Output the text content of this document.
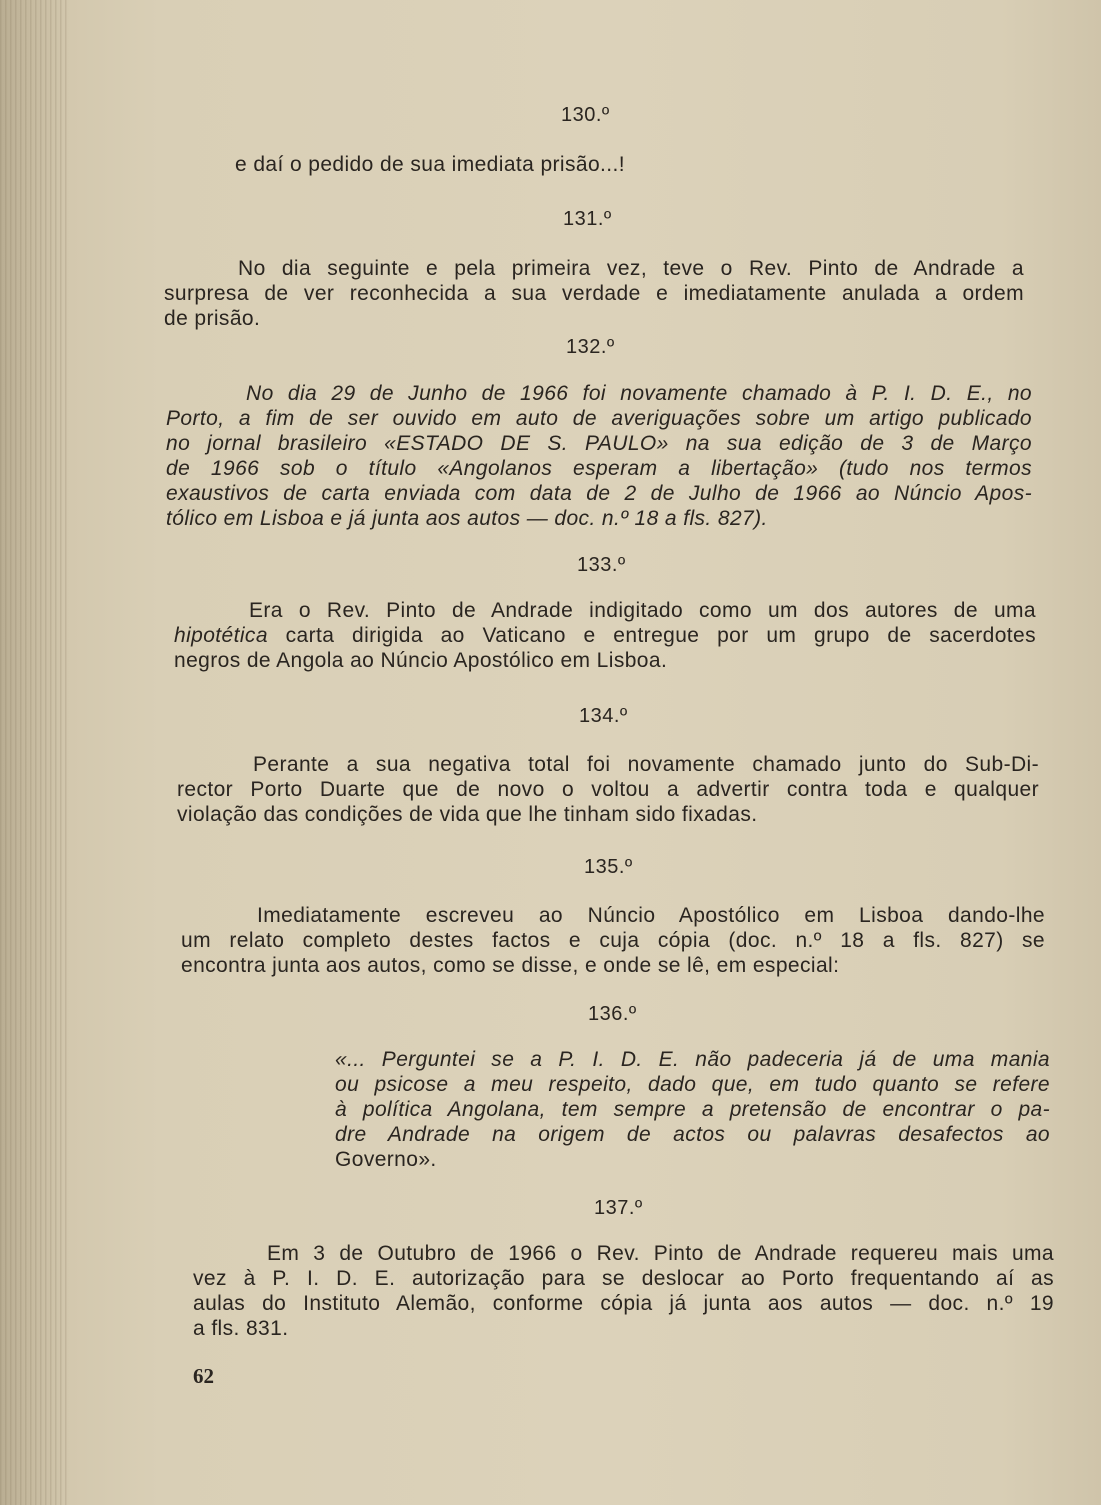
130.º
e daí o pedido de sua imediata prisão...!
131.º
No dia seguinte e pela primeira vez, teve o Rev. Pinto de Andrade a
surpresa de ver reconhecida a sua verdade e imediatamente anulada a ordem
de prisão.
132.º
No dia 29 de Junho de 1966 foi novamente chamado à P. I. D. E., no
Porto, a fim de ser ouvido em auto de averiguações sobre um artigo publicado
no jornal brasileiro «ESTADO DE S. PAULO» na sua edição de 3 de Março
de 1966 sob o título «Angolanos esperam a libertação» (tudo nos termos
exaustivos de carta enviada com data de 2 de Julho de 1966 ao Núncio Apos-
tólico em Lisboa e já junta aos autos — doc. n.º 18 a fls. 827).
133.º
Era o Rev. Pinto de Andrade indigitado como um dos autores de uma
hipotética carta dirigida ao Vaticano e entregue por um grupo de sacerdotes
negros de Angola ao Núncio Apostólico em Lisboa.
134.º
Perante a sua negativa total foi novamente chamado junto do Sub-Di-
rector Porto Duarte que de novo o voltou a advertir contra toda e qualquer
violação das condições de vida que lhe tinham sido fixadas.
135.º
Imediatamente escreveu ao Núncio Apostólico em Lisboa dando-lhe
um relato completo destes factos e cuja cópia (doc. n.º 18 a fls. 827) se
encontra junta aos autos, como se disse, e onde se lê, em especial:
136.º
«... Perguntei se a P. I. D. E. não padeceria já de uma mania
ou psicose a meu respeito, dado que, em tudo quanto se refere
à política Angolana, tem sempre a pretensão de encontrar o pa-
dre Andrade na origem de actos ou palavras desafectos ao
Governo».
137.º
Em 3 de Outubro de 1966 o Rev. Pinto de Andrade requereu mais uma
vez à P. I. D. E. autorização para se deslocar ao Porto frequentando aí as
aulas do Instituto Alemão, conforme cópia já junta aos autos — doc. n.º 19
a fls. 831.
62
